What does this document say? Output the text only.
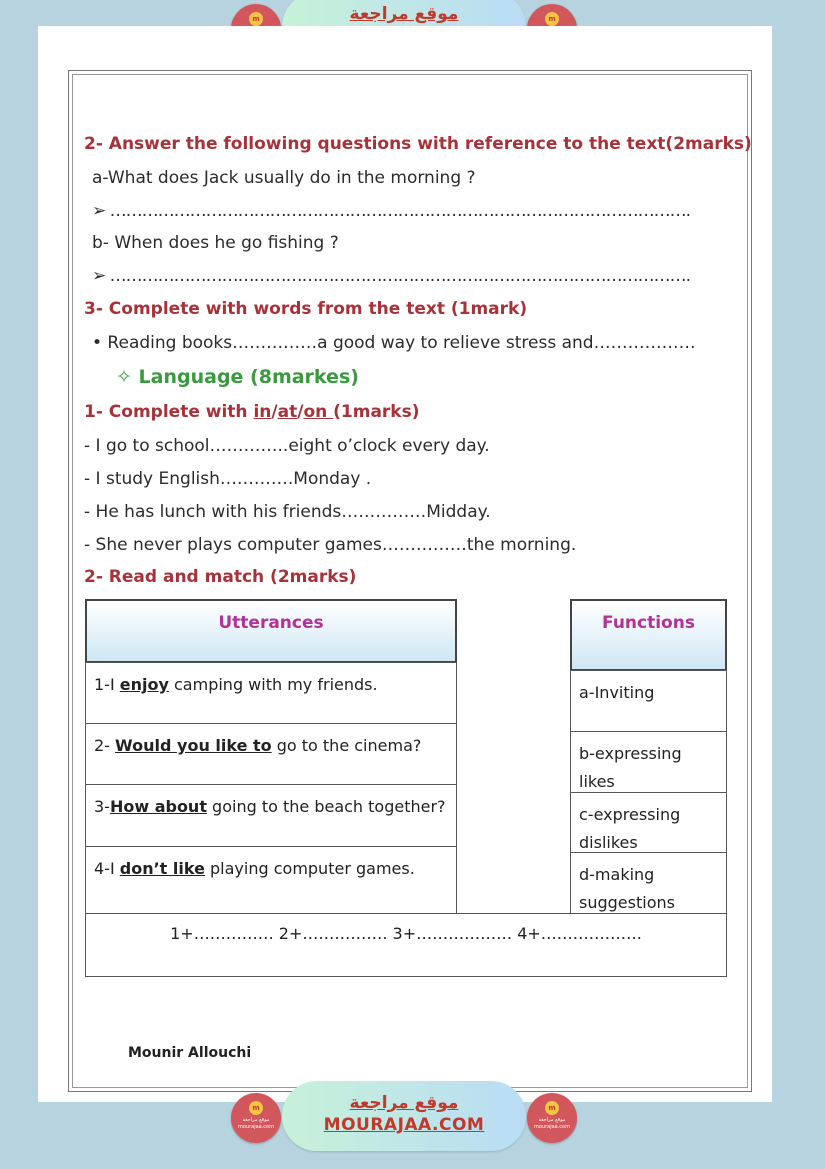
m	موقع مراجعة	m
2- Answer the following questions with reference to the text(2marks)
a-What does Jack usually do in the morning ?
➢ ……………………………………………………………………………………………….
b- When does he go fishing ?
➢ ……………………………………………………………………………………………….
3- Complete with words from the text (1mark)
• Reading books……………a good way to relieve stress and………………
✧ Language (8markes)
1- Complete with in/at/on (1marks)
- I go to school…………..eight o’clock every day.
- I study English………….Monday .
- He has lunch with his friends……………Midday.
- She never plays computer games……………the morning.
2- Read and match (2marks)
Utterances
1-I enjoy camping with my friends.
2- Would you like to go to the cinema?
3-How about going to the beach together?
4-I don’t like playing computer games.
Functions
a-Inviting
b-expressing likes
c-expressing dislikes
d-making suggestions
1+…………… 2+……………. 3+……………… 4+……………….
Mounir Allouchi
m
موقع مراجعة
mourajaa.com
موقع مراجعة
MOURAJAA.COM
m
موقع مراجعة
mourajaa.com
